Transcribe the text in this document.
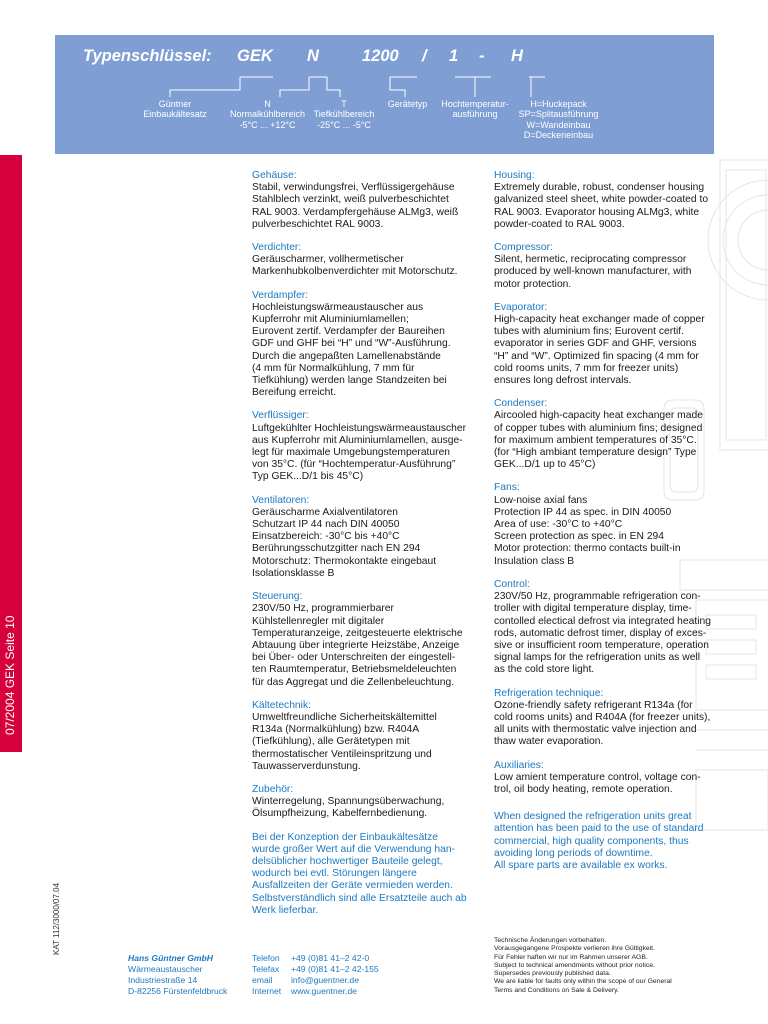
07/2004 GEK Seite 10
KAT 112/3000/07.04
Typenschlüssel: GEK N	1200 / 1 - H
Güntner
Einbaukältesatz
N
Normalkühlbereich
-5°C ... +12°C
T
Tiefkühlbereich
-25°C ... -5°C
Gerätetyp	Hochtemperatur-
ausführung
H=Huckepack
SP=Splitausführung
W=Wandeinbau
D=Deckeneinbau
Gehäuse:
Stabil, verwindungsfrei, Verflüssigergehäuse
Stahlblech verzinkt, weiß pulverbeschichtet
RAL 9003. Verdampfergehäuse ALMg3, weiß
pulverbeschichtet RAL 9003.
Verdichter:
Geräuscharmer, vollhermetischer
Markenhubkolbenverdichter mit Motorschutz.
Verdampfer:
Hochleistungswärmeaustauscher aus
Kupferrohr mit Aluminiumlamellen;
Eurovent zertif. Verdampfer der Baureihen
GDF und GHF bei “H” und “W”-Ausführung.
Durch die angepaßten Lamellenabstände
(4 mm für Normalkühlung, 7 mm für
Tiefkühlung) werden lange Standzeiten bei
Bereifung erreicht.
Verflüssiger:
Luftgekühlter Hochleistungswärmeaustauscher
aus Kupferrohr mit Aluminiumlamellen, ausge-
legt für maximale Umgebungstemperaturen
von 35°C. (für “Hochtemperatur-Ausführung”
Typ GEK...D/1 bis 45°C)
Ventilatoren:
Geräuscharme Axialventilatoren
Schutzart IP 44 nach DIN 40050
Einsatzbereich: -30°C bis +40°C
Berührungsschutzgitter nach EN 294
Motorschutz: Thermokontakte eingebaut
Isolationsklasse B
Steuerung:
230V/50 Hz, programmierbarer
Kühlstellenregler mit digitaler
Temperaturanzeige, zeitgesteuerte elektrische
Abtauung über integrierte Heizstäbe, Anzeige
bei Über- oder Unterschreiten der eingestell-
ten Raumtemperatur, Betriebsmeldeleuchten
für das Aggregat und die Zellenbeleuchtung.
Kältetechnik:
Umweltfreundliche Sicherheitskältemittel
R134a (Normalkühlung) bzw. R404A
(Tiefkühlung), alle Gerätetypen mit
thermostatischer Ventileinspritzung und
Tauwasserverdunstung.
Zubehör:
Winterregelung, Spannungsüberwachung,
Ölsumpfheizung, Kabelfernbedienung.
Bei der Konzeption der Einbaukältesätze
wurde großer Wert auf die Verwendung han-
delsüblicher hochwertiger Bauteile gelegt,
wodurch bei evtl. Störungen längere
Ausfallzeiten der Geräte vermieden werden.
Selbstverständlich sind alle Ersatzteile auch ab
Werk lieferbar.
Housing:
Extremely durable, robust, condenser housing
galvanized steel sheet, white powder-coated to
RAL 9003. Evaporator housing ALMg3, white
powder-coated to RAL 9003.
Compressor:
Silent, hermetic, reciprocating compressor
produced by well-known manufacturer, with
motor protection.
Evaporator:
High-capacity heat exchanger made of copper
tubes with aluminium fins; Eurovent certif.
evaporator in series GDF and GHF, versions
“H” and “W”. Optimized fin spacing (4 mm for
cold rooms units, 7 mm for freezer units)
ensures long defrost intervals.
Condenser:
Aircooled high-capacity heat exchanger made
of copper tubes with aluminium fins; designed
for maximum ambient temperatures of 35°C.
(for “High ambiant temperature design” Type
GEK...D/1 up to 45°C)
Fans:
Low-noise axial fans
Protection IP 44 as spec. in DIN 40050
Area of use: -30°C to +40°C
Screen protection as spec. in EN 294
Motor protection: thermo contacts built-in
Insulation class B
Control:
230V/50 Hz, programmable refrigeration con-
troller with digital temperature display, time-
contolled electical defrost via integrated heating
rods, automatic defrost timer, display of exces-
sive or insufficient room temperature, operation
signal lamps for the refrigeration units as well
as the cold store light.
Refrigeration technique:
Ozone-friendly safety refrigerant R134a (for
cold rooms units) and R404A (for freezer units),
all units with thermostatic valve injection and
thaw water evaporation.
Auxiliaries:
Low amient temperature control, voltage con-
trol, oil body heating, remote operation.
When designed the refrigeration units great
attention has been paid to the use of standard
commercial, high quality components, thus
avoiding long periods of downtime.
All spare parts are available ex works.
Hans Güntner GmbH
Wärmeaustauscher
Industriestraße 14
D-82256 Fürstenfeldbruck
Telefon
Telefax
email
Internet
+49 (0)81 41–2 42-0
+49 (0)81 41–2 42-155
info@guentner.de
www.guentner.de
Technische Änderungen vorbehalten.
Vorausgegangene Prospekte verlieren ihre Gültigkeit.
Für Fehler haften wir nur im Rahmen unserer AGB.
Subject to technical amendments without prior notice.
Supersedes previously published data.
We are liable for faults only within the scope of our General
Terms and Conditions on Sale & Delivery.
